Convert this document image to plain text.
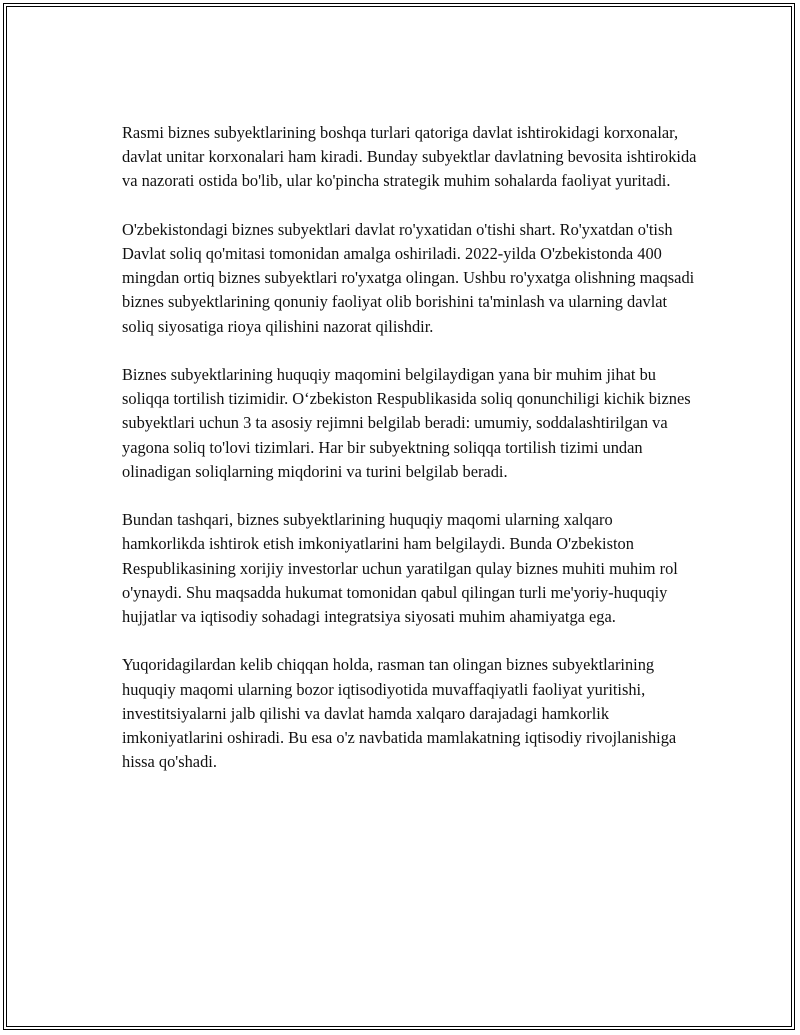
Rasmi biznes subyektlarining boshqa turlari qatoriga davlat ishtirokidagi korxonalar, davlat unitar korxonalari ham kiradi. Bunday subyektlar davlatning bevosita ishtirokida va nazorati ostida bo'lib, ular ko'pincha strategik muhim sohalarda faoliyat yuritadi.

O'zbekistondagi biznes subyektlari davlat ro'yxatidan o'tishi shart. Ro'yxatdan o'tish Davlat soliq qo'mitasi tomonidan amalga oshiriladi. 2022-yilda O'zbekistonda 400 mingdan ortiq biznes subyektlari ro'yxatga olingan. Ushbu ro'yxatga olishning maqsadi biznes subyektlarining qonuniy faoliyat olib borishini ta'minlash va ularning davlat soliq siyosatiga rioya qilishini nazorat qilishdir.

Biznes subyektlarining huquqiy maqomini belgilaydigan yana bir muhim jihat bu soliqqa tortilish tizimidir. O‘zbekiston Respublikasida soliq qonunchiligi kichik biznes subyektlari uchun 3 ta asosiy rejimni belgilab beradi: umumiy, soddalashtirilgan va yagona soliq to'lovi tizimlari. Har bir subyektning soliqqa tortilish tizimi undan olinadigan soliqlarning miqdorini va turini belgilab beradi.

Bundan tashqari, biznes subyektlarining huquqiy maqomi ularning xalqaro hamkorlikda ishtirok etish imkoniyatlarini ham belgilaydi. Bunda O'zbekiston Respublikasining xorijiy investorlar uchun yaratilgan qulay biznes muhiti muhim rol o'ynaydi. Shu maqsadda hukumat tomonidan qabul qilingan turli me'yoriy-huquqiy hujjatlar va iqtisodiy sohadagi integratsiya siyosati muhim ahamiyatga ega.

Yuqoridagilardan kelib chiqqan holda, rasman tan olingan biznes subyektlarining huquqiy maqomi ularning bozor iqtisodiyotida muvaffaqiyatli faoliyat yuritishi, investitsiyalarni jalb qilishi va davlat hamda xalqaro darajadagi hamkorlik imkoniyatlarini oshiradi. Bu esa o'z navbatida mamlakatning iqtisodiy rivojlanishiga hissa qo'shadi.
